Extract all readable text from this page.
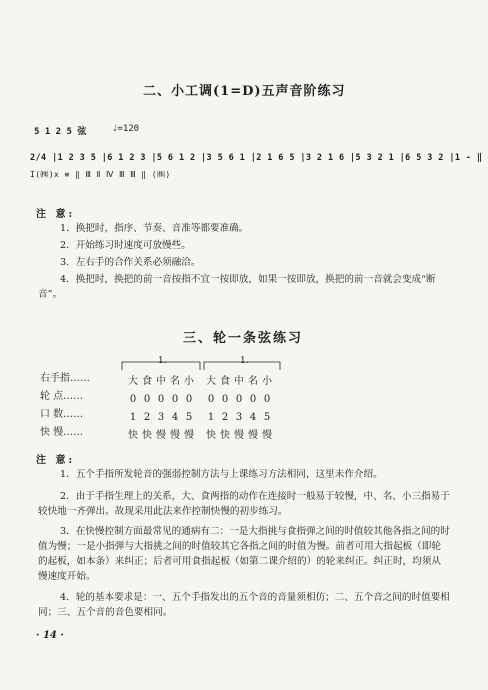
二、小工调(1=D)五声音阶练习
5 1 2 5 弦	♩=120
2/4 |1 2 3 5 |6 1 2 3 |5 6 1 2 |3 5 6 1 |2 1 6 5 |3 2 1 6 |5 3 2 1 |6 5 3 2 |1 - ‖
I(㈱)x ≡ ‖ Ⅲ Ⅱ Ⅳ Ⅲ Ⅲ ‖ (㈱)
注 意:
1．换把时，指序、节奏、音准等都要准确。
2．开始练习时速度可放慢些。
3．左右手的合作关系必须融洽。
4．换把时，换把的前一音按指不宜一按即放，如果一按即放，换把的前一音就会变成“断音”。
三、轮一条弦练习
1.	1.
右手指……
轮 点……
口 数……
快 慢……
大 食 中 名 小 大 食 中 名 小
0 0 0 0 0 0 0 0 0 0
1 2 3 4 5 1 2 3 4 5
快 快 慢 慢 慢 快 快 慢 慢 慢
注 意:
1．五个手指所发轮音的强弱控制方法与上课练习方法相同，这里未作介绍。
2．由于手指生理上的关系，大、食两指的动作在连接时一般易于较慢，中、名、小三指易于较快地一齐弹出。故现采用此法来作控制快慢的初步练习。
3．在快慢控制方面最常见的通病有二：一是大指挑与食指弹之间的时值较其他各指之间的时值为慢；一是小指弹与大指挑之间的时值较其它各指之间的时值为慢。前者可用大指起板（即轮的起板，如本条）来纠正；后者可用食指起板（如第二课介绍的）的轮来纠正。纠正时，均须从慢速度开始。
4．轮的基本要求是：一、五个手指发出的五个音的音量须相仿；二、五个音之间的时值要相同；三、五个音的音色要相同。
· 14 ·
